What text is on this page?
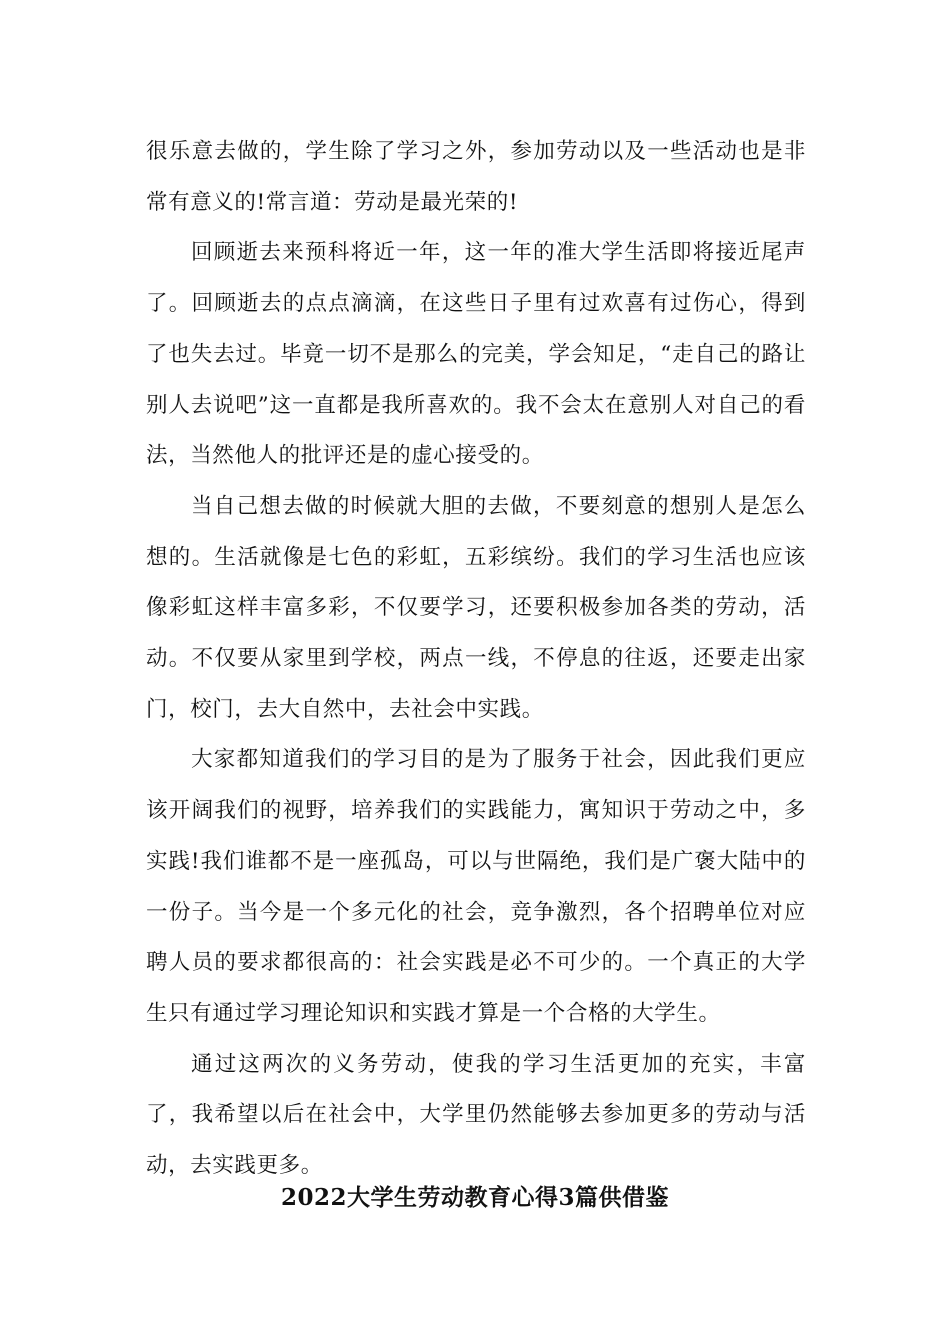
很乐意去做的，学生除了学习之外，参加劳动以及一些活动也是非常有意义的!常言道：劳动是最光荣的!

回顾逝去来预科将近一年，这一年的准大学生活即将接近尾声了。回顾逝去的点点滴滴，在这些日子里有过欢喜有过伤心，得到了也失去过。毕竟一切不是那么的完美，学会知足，“走自己的路让别人去说吧”这一直都是我所喜欢的。我不会太在意别人对自己的看法，当然他人的批评还是的虚心接受的。

当自己想去做的时候就大胆的去做，不要刻意的想别人是怎么想的。生活就像是七色的彩虹，五彩缤纷。我们的学习生活也应该像彩虹这样丰富多彩，不仅要学习，还要积极参加各类的劳动，活动。不仅要从家里到学校，两点一线，不停息的往返，还要走出家门，校门，去大自然中，去社会中实践。

大家都知道我们的学习目的是为了服务于社会，因此我们更应该开阔我们的视野，培养我们的实践能力，寓知识于劳动之中，多实践!我们谁都不是一座孤岛，可以与世隔绝，我们是广褒大陆中的一份子。当今是一个多元化的社会，竞争激烈，各个招聘单位对应聘人员的要求都很高的：社会实践是必不可少的。一个真正的大学生只有通过学习理论知识和实践才算是一个合格的大学生。

通过这两次的义务劳动，使我的学习生活更加的充实，丰富了，我希望以后在社会中，大学里仍然能够去参加更多的劳动与活动，去实践更多。

2022大学生劳动教育心得3篇供借鉴
